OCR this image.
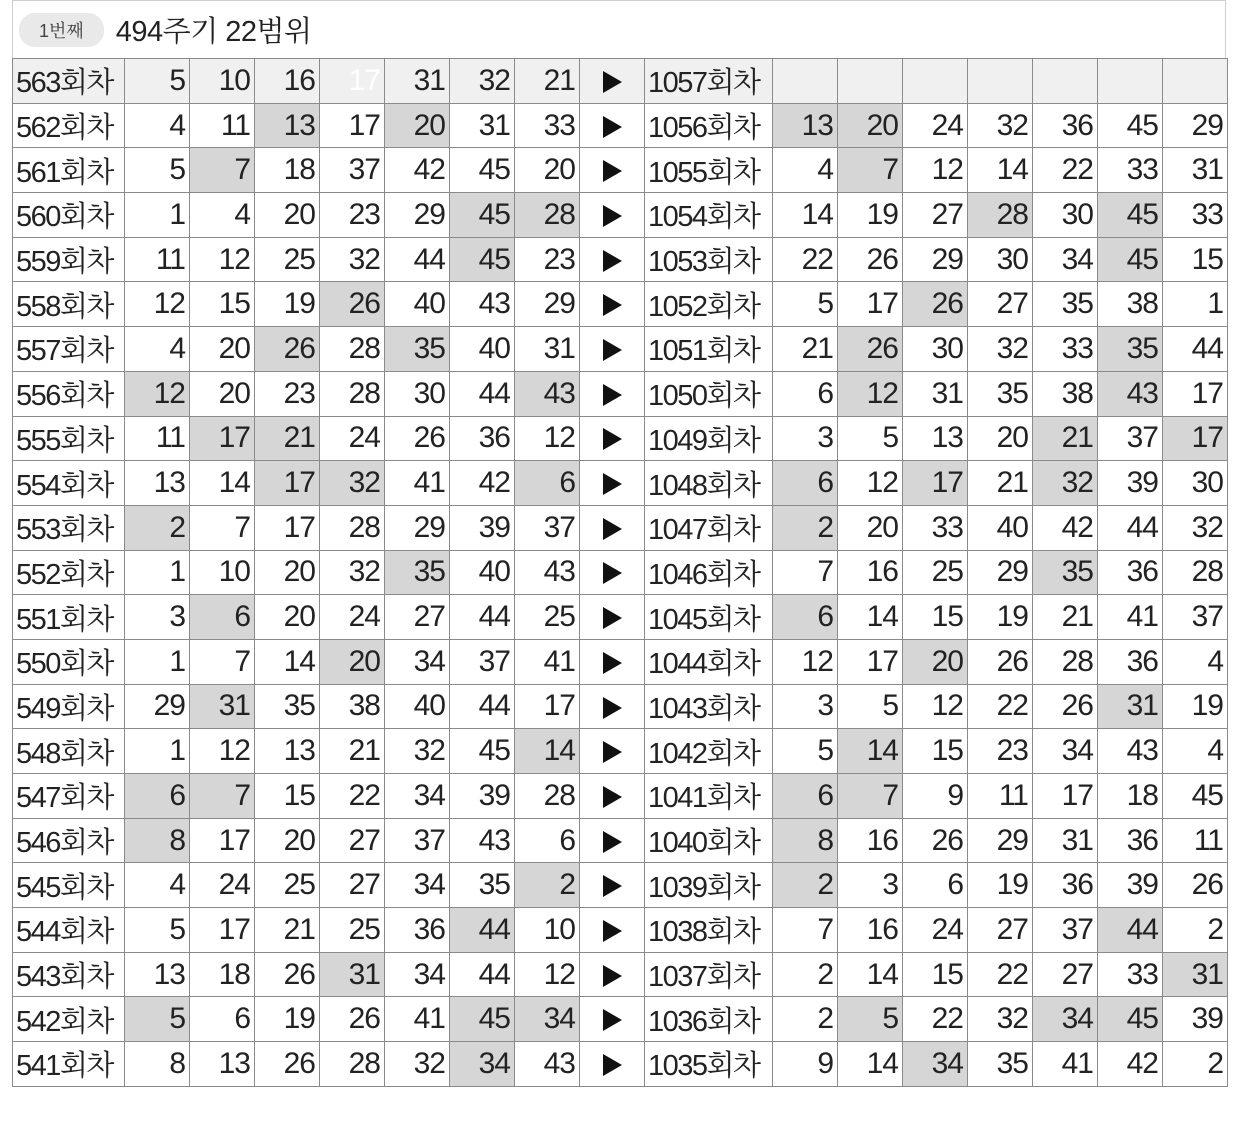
1번째	494주기 22범위
563회차	5	10	16	17	31	32	21		1057회차							
562회차	4	11	13	17	20	31	33		1056회차	13	20	24	32	36	45	29
561회차	5	7	18	37	42	45	20		1055회차	4	7	12	14	22	33	31
560회차	1	4	20	23	29	45	28		1054회차	14	19	27	28	30	45	33
559회차	11	12	25	32	44	45	23		1053회차	22	26	29	30	34	45	15
558회차	12	15	19	26	40	43	29		1052회차	5	17	26	27	35	38	1
557회차	4	20	26	28	35	40	31		1051회차	21	26	30	32	33	35	44
556회차	12	20	23	28	30	44	43		1050회차	6	12	31	35	38	43	17
555회차	11	17	21	24	26	36	12		1049회차	3	5	13	20	21	37	17
554회차	13	14	17	32	41	42	6		1048회차	6	12	17	21	32	39	30
553회차	2	7	17	28	29	39	37		1047회차	2	20	33	40	42	44	32
552회차	1	10	20	32	35	40	43		1046회차	7	16	25	29	35	36	28
551회차	3	6	20	24	27	44	25		1045회차	6	14	15	19	21	41	37
550회차	1	7	14	20	34	37	41		1044회차	12	17	20	26	28	36	4
549회차	29	31	35	38	40	44	17		1043회차	3	5	12	22	26	31	19
548회차	1	12	13	21	32	45	14		1042회차	5	14	15	23	34	43	4
547회차	6	7	15	22	34	39	28		1041회차	6	7	9	11	17	18	45
546회차	8	17	20	27	37	43	6		1040회차	8	16	26	29	31	36	11
545회차	4	24	25	27	34	35	2		1039회차	2	3	6	19	36	39	26
544회차	5	17	21	25	36	44	10		1038회차	7	16	24	27	37	44	2
543회차	13	18	26	31	34	44	12		1037회차	2	14	15	22	27	33	31
542회차	5	6	19	26	41	45	34		1036회차	2	5	22	32	34	45	39
541회차	8	13	26	28	32	34	43		1035회차	9	14	34	35	41	42	2
